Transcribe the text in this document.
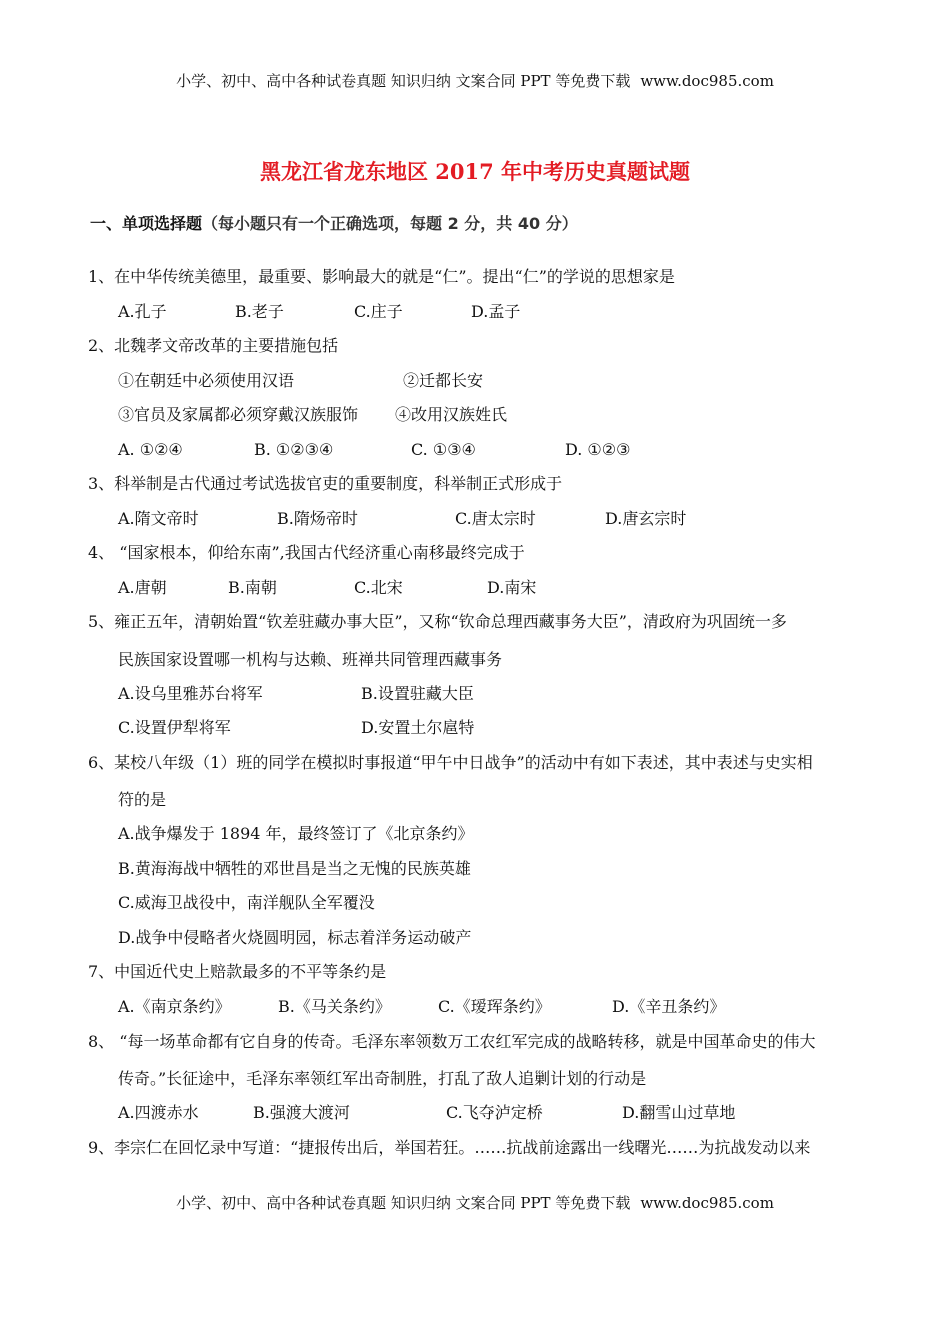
小学、初中、高中各种试卷真题 知识归纳 文案合同 PPT 等免费下载 www.doc985.com
黑龙江省龙东地区 2017 年中考历史真题试题
一、单项选择题（每小题只有一个正确选项，每题 2 分，共 40 分）
1、在中华传统美德里，最重要、影响最大的就是“仁”。提出“仁”的学说的思想家是
A.孔子	B.老子	C.庄子	D.孟子
2、北魏孝文帝改革的主要措施包括
①在朝廷中必须使用汉语	②迁都长安
③官员及家属都必须穿戴汉族服饰 ④改用汉族姓氏
A. ①②④	B. ①②③④	C. ①③④	D. ①②③
3、科举制是古代通过考试选拔官吏的重要制度，科举制正式形成于
A.隋文帝时	B.隋炀帝时	C.唐太宗时	D.唐玄宗时
4、 “国家根本，仰给东南”,我国古代经济重心南移最终完成于
A.唐朝	B.南朝	C.北宋	D.南宋
5、雍正五年，清朝始置“钦差驻藏办事大臣”，又称“钦命总理西藏事务大臣”，清政府为巩固统一多
民族国家设置哪一机构与达赖、班禅共同管理西藏事务
A.设乌里雅苏台将军	B.设置驻藏大臣
C.设置伊犁将军	D.安置土尔扈特
6、某校八年级（1）班的同学在模拟时事报道“甲午中日战争”的活动中有如下表述，其中表述与史实相
符的是
A.战争爆发于 1894 年，最终签订了《北京条约》
B.黄海海战中牺牲的邓世昌是当之无愧的民族英雄
C.威海卫战役中，南洋舰队全军覆没
D.战争中侵略者火烧圆明园，标志着洋务运动破产
7、中国近代史上赔款最多的不平等条约是
A.《南京条约》	B.《马关条约》	C.《瑷珲条约》	D.《辛丑条约》
8、 “每一场革命都有它自身的传奇。毛泽东率领数万工农红军完成的战略转移，就是中国革命史的伟大
传奇。”长征途中，毛泽东率领红军出奇制胜，打乱了敌人追剿计划的行动是
A.四渡赤水	B.强渡大渡河	C.飞夺泸定桥	D.翻雪山过草地
9、李宗仁在回忆录中写道：“捷报传出后，举国若狂。……抗战前途露出一线曙光……为抗战发动以来
小学、初中、高中各种试卷真题 知识归纳 文案合同 PPT 等免费下载 www.doc985.com
